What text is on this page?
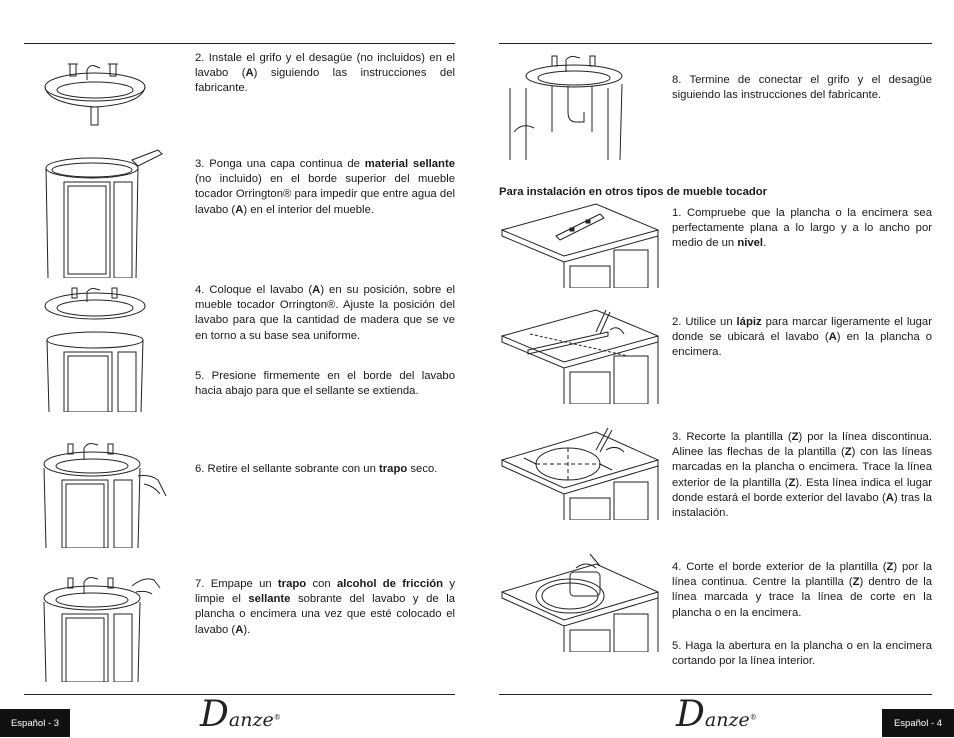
2. Instale el grifo y el desagüe (no incluidos) en el lavabo (A) siguiendo las instrucciones del fabricante.
3. Ponga una capa continua de material sellante (no incluido) en el borde superior del mueble tocador Orrington® para impedir que entre agua del lavabo (A) en el interior del mueble.
4. Coloque el lavabo (A) en su posición, sobre el mueble tocador Orrington®. Ajuste la posición del lavabo para que la cantidad de madera que se ve en torno a su base sea uniforme.
5. Presione firmemente en el borde del lavabo hacia abajo para que el sellante se extienda.
6. Retire el sellante sobrante con un trapo seco.
7. Empape un trapo con alcohol de fricción y limpie el sellante sobrante del lavabo y de la plancha o encimera una vez que esté colocado el lavabo (A).
8. Termine de conectar el grifo y el desagüe siguiendo las instrucciones del fabricante.
Para instalación en otros tipos de mueble tocador
1. Compruebe que la plancha o la encimera sea perfectamente plana a lo largo y a lo ancho por medio de un nivel.
2. Utilice un lápiz para marcar ligeramente el lugar donde se ubicará el lavabo (A) en la plancha o encimera.
3. Recorte la plantilla (Z) por la línea discontinua. Alinee las flechas de la plantilla (Z) con las líneas marcadas en la plancha o encimera. Trace la línea exterior de la plantilla (Z). Esta línea indica el lugar donde estará el borde exterior del lavabo (A) tras la instalación.
4. Corte el borde exterior de la plantilla (Z) por la línea continua. Centre la plantilla (Z) dentro de la línea marcada y trace la línea de corte en la plancha o en la encimera.
5. Haga la abertura en la plancha o en la encimera cortando por la línea interior.
Español - 3	Español - 4
Danze®	Danze®
